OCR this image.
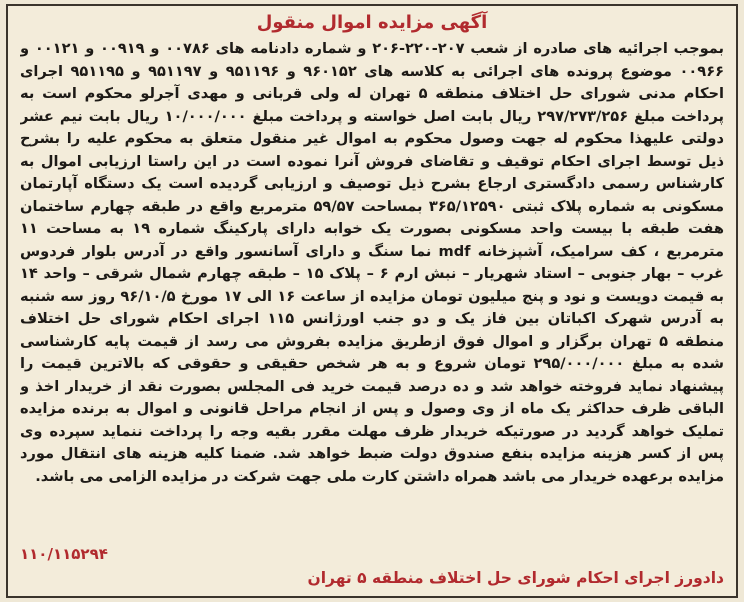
آگهی مزایده اموال منقول

بموجب اجرائیه های صادره از شعب ۲۰۷-۲۲۰-۲۰۶ و شماره دادنامه های ۰۰۷۸۶ و ۰۰۹۱۹ و ۰۰۱۲۱ و ۰۰۹۶۶ موضوع پرونده های اجرائی به کلاسه های ۹۶۰۱۵۲ و ۹۵۱۱۹۶ و ۹۵۱۱۹۷ و ۹۵۱۱۹۵ اجرای احکام مدنی شورای حل اختلاف منطقه ۵ تهران له ولی قربانی و مهدی آجرلو محکوم است به پرداخت مبلغ ۲۹۷/۲۷۳/۲۵۶ ریال بابت اصل خواسته و پرداخت مبلغ ۱۰/۰۰۰/۰۰۰ ریال بابت نیم عشر دولتی علیهذا محکوم له جهت وصول محکوم به اموال غیر منقول متعلق به محکوم علیه را بشرح ذیل توسط اجرای احکام توقیف و تقاضای فروش آنرا نموده است در این راستا ارزیابی اموال به کارشناس رسمی دادگستری ارجاع بشرح ذیل توصیف و ارزیابی گردیده است یک دستگاه آپارتمان مسکونی به شماره پلاک ثبتی ۳۶۵/۱۲۵۹۰ بمساحت ۵۹/۵۷ مترمربع واقع در طبقه چهارم ساختمان هفت طبقه با بیست واحد مسکونی بصورت یک خوابه دارای پارکینگ شماره ۱۹ به مساحت ۱۱ مترمربع ، کف سرامیک، آشپزخانه mdf نما سنگ و دارای آسانسور واقع در آدرس بلوار فردوس غرب – بهار جنوبی – استاد شهریار – نبش ارم ۶ – پلاک ۱۵ – طبقه چهارم شمال شرقی – واحد ۱۴ به قیمت دویست و نود و پنج میلیون تومان مزایده از ساعت ۱۶ الی ۱۷ مورخ ۹۶/۱۰/۵ روز سه شنبه به آدرس شهرک اکباتان بین فاز یک و دو جنب اورژانس ۱۱۵ اجرای احکام شورای حل اختلاف منطقه ۵ تهران برگزار و اموال فوق ازطریق مزایده بفروش می رسد از قیمت پایه کارشناسی شده به مبلغ ۲۹۵/۰۰۰/۰۰۰ تومان شروع و به هر شخص حقیقی و حقوقی که بالاترین قیمت را پیشنهاد نماید فروخته خواهد شد و ده درصد قیمت خرید فی المجلس بصورت نقد از خریدار اخذ و الباقی ظرف حداکثر یک ماه از وی وصول و پس از انجام مراحل قانونی و اموال به برنده مزایده تملیک خواهد گردید در صورتیکه خریدار ظرف مهلت مقرر بقیه وجه را پرداخت ننماید سپرده وی پس از کسر هزینه مزایده بنفع صندوق دولت ضبط خواهد شد. ضمنا کلیه هزینه های انتقال مورد مزایده برعهده خریدار می باشد همراه داشتن کارت ملی جهت شرکت در مزایده الزامی می باشد.

۱۱۰/۱۱۵۲۹۴
دادورز اجرای احکام شورای حل اختلاف منطقه ۵ تهران
